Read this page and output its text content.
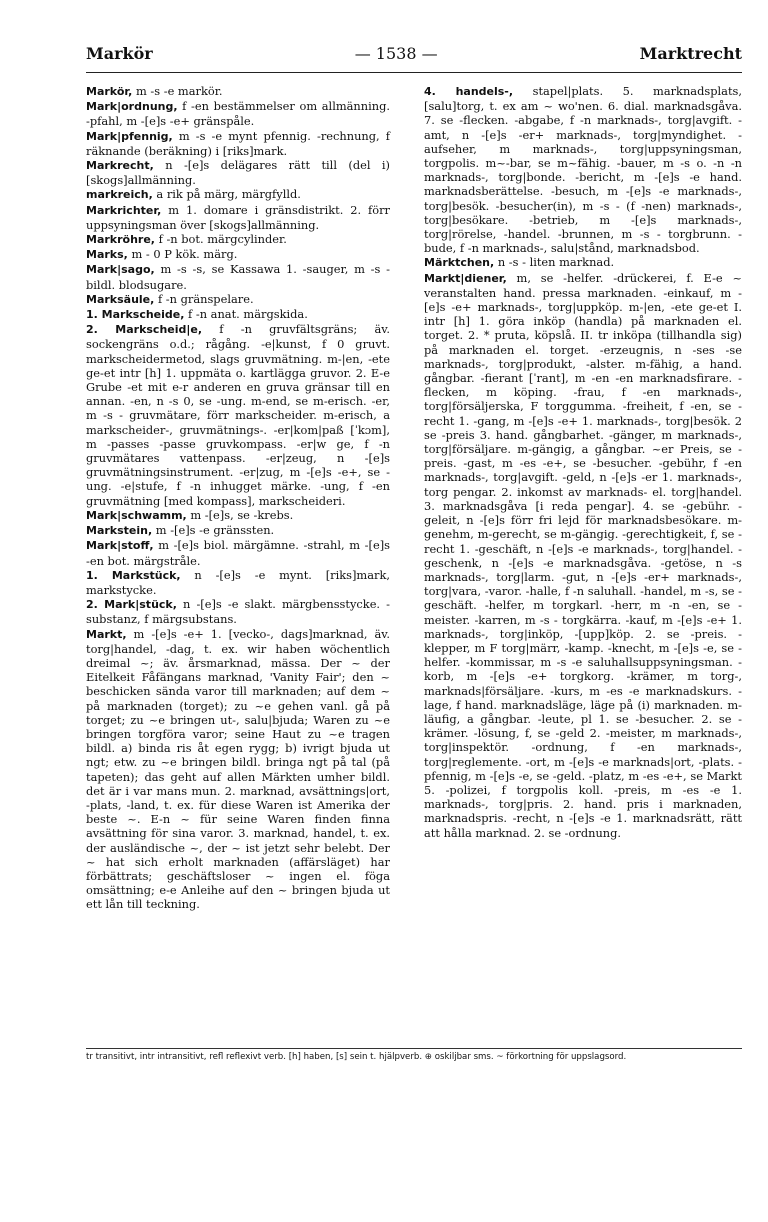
Markör	— 1538 —	Marktrecht

Markör, m -s -e markör.

Mark|ordnung, f -en bestämmelser om allmänning. -pfahl, m -[e]s -e+ gränspåle.

Mark|pfennig, m -s -e mynt pfennig. -rechnung, f räknande (beräkning) i [riks]mark.

Markrecht, n -[e]s delägares rätt till (del i) [skogs]allmänning.

markreich, a rik på märg, märgfylld.

Markrichter, m 1. domare i gränsdistrikt. 2. förr uppsyningsman över [skogs]allmänning.

Markröhre, f -n bot. märgcylinder.

Marks, m - 0 P kök. märg.

Mark|sago, m -s -s, se Kassawa 1. -sauger, m -s - bildl. blodsugare.

Marksäule, f -n gränspelare.

1. Markscheide, f -n anat. märgskida.

2. Markscheid|e, f -n gruvfältsgräns; äv. sockengräns o.d.; rågång. -e|kunst, f 0 gruvt. markscheidermetod, slags gruvmätning. m-|en, -ete ge-et intr [h] 1. uppmäta o. kartlägga gruvor. 2. E-e Grube -et mit e-r anderen en gruva gränsar till en annan. -en, n -s 0, se -ung. m-end, se m-erisch. -er, m -s - gruvmätare, förr markscheider. m-erisch, a markscheider-, gruvmätnings-. -er|kom|paß [ˈkɔm], m -passes -passe gruvkompass. -er|w ge, f -n gruvmätares vattenpass. -er|zeug, n -[e]s gruvmätningsinstrument. -er|zug, m -[e]s -e+, se -ung. -e|stufe, f -n inhugget märke. -ung, f -en gruvmätning [med kompass], markscheideri.

Mark|schwamm, m -[e]s, se -krebs.

Markstein, m -[e]s -e gränssten.

Mark|stoff, m -[e]s biol. märgämne. -strahl, m -[e]s -en bot. märgstråle.

1. Markstück, n -[e]s -e mynt. [riks]mark, markstycke.

2. Mark|stück, n -[e]s -e slakt. märgbensstycke. -substanz, f märgsubstans.

Markt, m -[e]s -e+ 1. [vecko-, dags]marknad, äv. torg|handel, -dag, t. ex. wir haben wöchentlich dreimal ~; äv. årsmarknad, mässa. Der ~ der Eitelkeit Fåfängans marknad, 'Vanity Fair'; den ~ beschicken sända varor till marknaden; auf dem ~ på marknaden (torget); zu ~e gehen vanl. gå på torget; zu ~e bringen ut-, salu|bjuda; Waren zu ~e bringen torgföra varor; seine Haut zu ~e tragen bildl. a) binda ris åt egen rygg; b) ivrigt bjuda ut ngt; etw. zu ~e bringen bildl. bringa ngt på tal (på tapeten); das geht auf allen Märkten umher bildl. det är i var mans mun. 2. marknad, avsättnings|ort, -plats, -land, t. ex. für diese Waren ist Amerika der beste ~. E-n ~ für seine Waren finden finna avsättning för sina varor. 3. marknad, handel, t. ex. der ausländische ~, der ~ ist jetzt sehr belebt. Der ~ hat sich erholt marknaden (affärsläget) har förbättrats; geschäftsloser ~ ingen el. föga omsättning; e-e Anleihe auf den ~ bringen bjuda ut ett lån till teckning.

4. handels-, stapel|plats. 5. marknadsplats, [salu]torg, t. ex am ~ wo'nen. 6. dial. marknadsgåva. 7. se -flecken. -abgabe, f -n marknads-, torg|avgift. -amt, n -[e]s -er+ marknads-, torg|myndighet. -aufseher, m marknads-, torg|uppsyningsman, torgpolis. m~-bar, se m~fähig. -bauer, m -s o. -n -n marknads-, torg|bonde. -bericht, m -[e]s -e hand. marknadsberättelse. -besuch, m -[e]s -e marknads-, torg|besök. -besucher(in), m -s - (f -nen) marknads-, torg|besökare. -betrieb, m -[e]s marknads-, torg|rörelse, -handel. -brunnen, m -s - torgbrunn. -bude, f -n marknads-, salu|stånd, marknadsbod.

Märktchen, n -s - liten marknad.

Markt|diener, m, se -helfer. -drückerei, f. E-e ~ veranstalten hand. pressa marknaden. -einkauf, m -[e]s -e+ marknads-, torg|uppköp. m-|en, -ete ge-et I. intr [h] 1. göra inköp (handla) på marknaden el. torget. 2. * pruta, köpslå. II. tr inköpa (tillhandla sig) på marknaden el. torget. -erzeugnis, n -ses -se marknads-, torg|produkt, -alster. m-fähig, a hand. gångbar. -fierant [ˈrant], m -en -en marknadsfirare. -flecken, m köping. -frau, f -en marknads-, torg|försäljerska, F torggumma. -freiheit, f -en, se -recht 1. -gang, m -[e]s -e+ 1. marknads-, torg|besök. 2 se -preis 3. hand. gångbarhet. -gänger, m marknads-, torg|försäljare. m-gängig, a gångbar. ~er Preis, se -preis. -gast, m -es -e+, se -besucher. -gebühr, f -en marknads-, torg|avgift. -geld, n -[e]s -er 1. marknads-, torg pengar. 2. inkomst av marknads- el. torg|handel. 3. marknadsgåva [i reda pengar]. 4. se -gebühr. -geleit, n -[e]s förr fri lejd för marknadsbesökare. m-genehm, m-gerecht, se m-gängig. -gerechtigkeit, f, se -recht 1. -geschäft, n -[e]s -e marknads-, torg|handel. -geschenk, n -[e]s -e marknadsgåva. -getöse, n -s marknads-, torg|larm. -gut, n -[e]s -er+ marknads-, torg|vara, -varor. -halle, f -n saluhall. -handel, m -s, se -geschäft. -helfer, m torgkarl. -herr, m -n -en, se -meister. -karren, m -s - torgkärra. -kauf, m -[e]s -e+ 1. marknads-, torg|inköp, -[upp]köp. 2. se -preis. -klepper, m F torg|märr, -kamp. -knecht, m -[e]s -e, se -helfer. -kommissar, m -s -e saluhallsuppsyningsman. -korb, m -[e]s -e+ torgkorg. -krämer, m torg-, marknads|försäljare. -kurs, m -es -e marknadskurs. -lage, f hand. marknadsläge, läge på (i) marknaden. m-läufig, a gångbar. -leute, pl 1. se -besucher. 2. se -krämer. -lösung, f, se -geld 2. -meister, m marknads-, torg|inspektör. -ordnung, f -en marknads-, torg|reglemente. -ort, m -[e]s -e marknads|ort, -plats. -pfennig, m -[e]s -e, se -geld. -platz, m -es -e+, se Markt 5. -polizei, f torgpolis koll. -preis, m -es -e 1. marknads-, torg|pris. 2. hand. pris i marknaden, marknadspris. -recht, n -[e]s -e 1. marknadsrätt, rätt att hålla marknad. 2. se -ordnung.

tr transitivt, intr intransitivt, refl reflexivt verb. [h] haben, [s] sein t. hjälpverb. ⊕ oskiljbar sms. ~ förkortning för uppslagsord.
